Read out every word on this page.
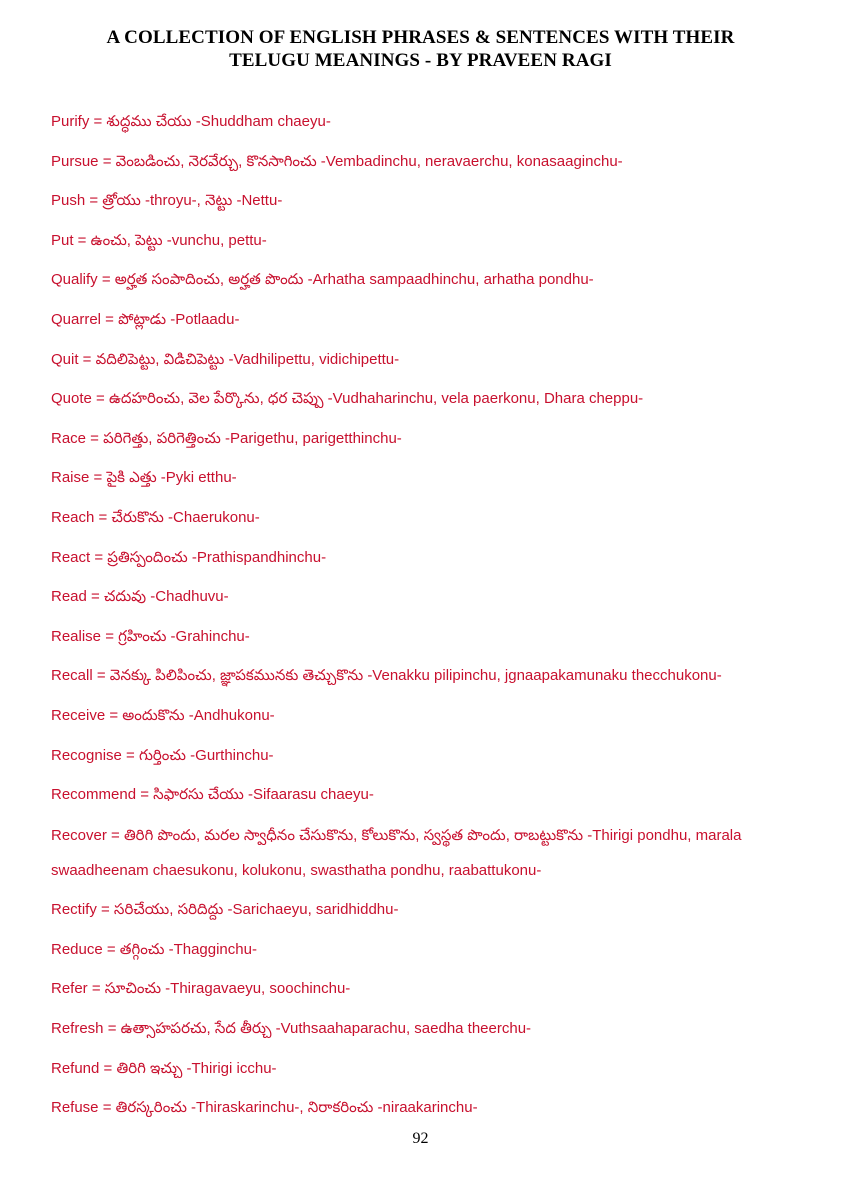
A COLLECTION OF ENGLISH PHRASES & SENTENCES WITH THEIR
TELUGU MEANINGS - BY PRAVEEN RAGI
Purify = శుద్ధము చేయు -Shuddham chaeyu-
Pursue = వెంబడించు, నెరవేర్చు, కొనసాగించు -Vembadinchu, neravaerchu, konasaaginchu-
Push = త్రోయు -throyu-, నెట్టు -Nettu-
Put = ఉంచు, పెట్టు -vunchu, pettu-
Qualify = అర్హత సంపాదించు, అర్హత పొందు -Arhatha sampaadhinchu, arhatha pondhu-
Quarrel = పోట్లాడు -Potlaadu-
Quit = వదిలిపెట్టు, విడిచిపెట్టు -Vadhilipettu, vidichipettu-
Quote = ఉదహరించు, వెల పేర్కొను, ధర చెప్పు -Vudhaharinchu, vela paerkonu, Dhara cheppu-
Race = పరిగెత్తు, పరిగెత్తించు -Parigethu, parigetthinchu-
Raise = పైకి ఎత్తు -Pyki etthu-
Reach = చేరుకొను -Chaerukonu-
React = ప్రతిస్పందించు -Prathispandhinchu-
Read = చదువు -Chadhuvu-
Realise = గ్రహించు -Grahinchu-
Recall = వెనక్కు పిలిపించు, జ్ఞాపకమునకు తెచ్చుకొను -Venakku pilipinchu, jgnaapakamunaku thecchukonu-
Receive = అందుకొను -Andhukonu-
Recognise = గుర్తించు -Gurthinchu-
Recommend = సిఫారసు చేయు -Sifaarasu chaeyu-
Recover = తిరిగి పొందు, మరల స్వాధీనం చేసుకొను, కోలుకొను, స్వస్థత పొందు, రాబట్టుకొను -Thirigi pondhu, marala swaadheenam chaesukonu, kolukonu, swasthatha pondhu, raabattukonu-
Rectify = సరిచేయు, సరిదిద్దు -Sarichaeyu, saridhiddhu-
Reduce = తగ్గించు -Thagginchu-
Refer = సూచించు -Thiragavaeyu, soochinchu-
Refresh = ఉత్సాహపరచు, సేద తీర్చు -Vuthsaahaparachu, saedha theerchu-
Refund = తిరిగి ఇచ్చు -Thirigi icchu-
Refuse = తిరస్కరించు -Thiraskarinchu-, నిరాకరించు -niraakarinchu-
92
